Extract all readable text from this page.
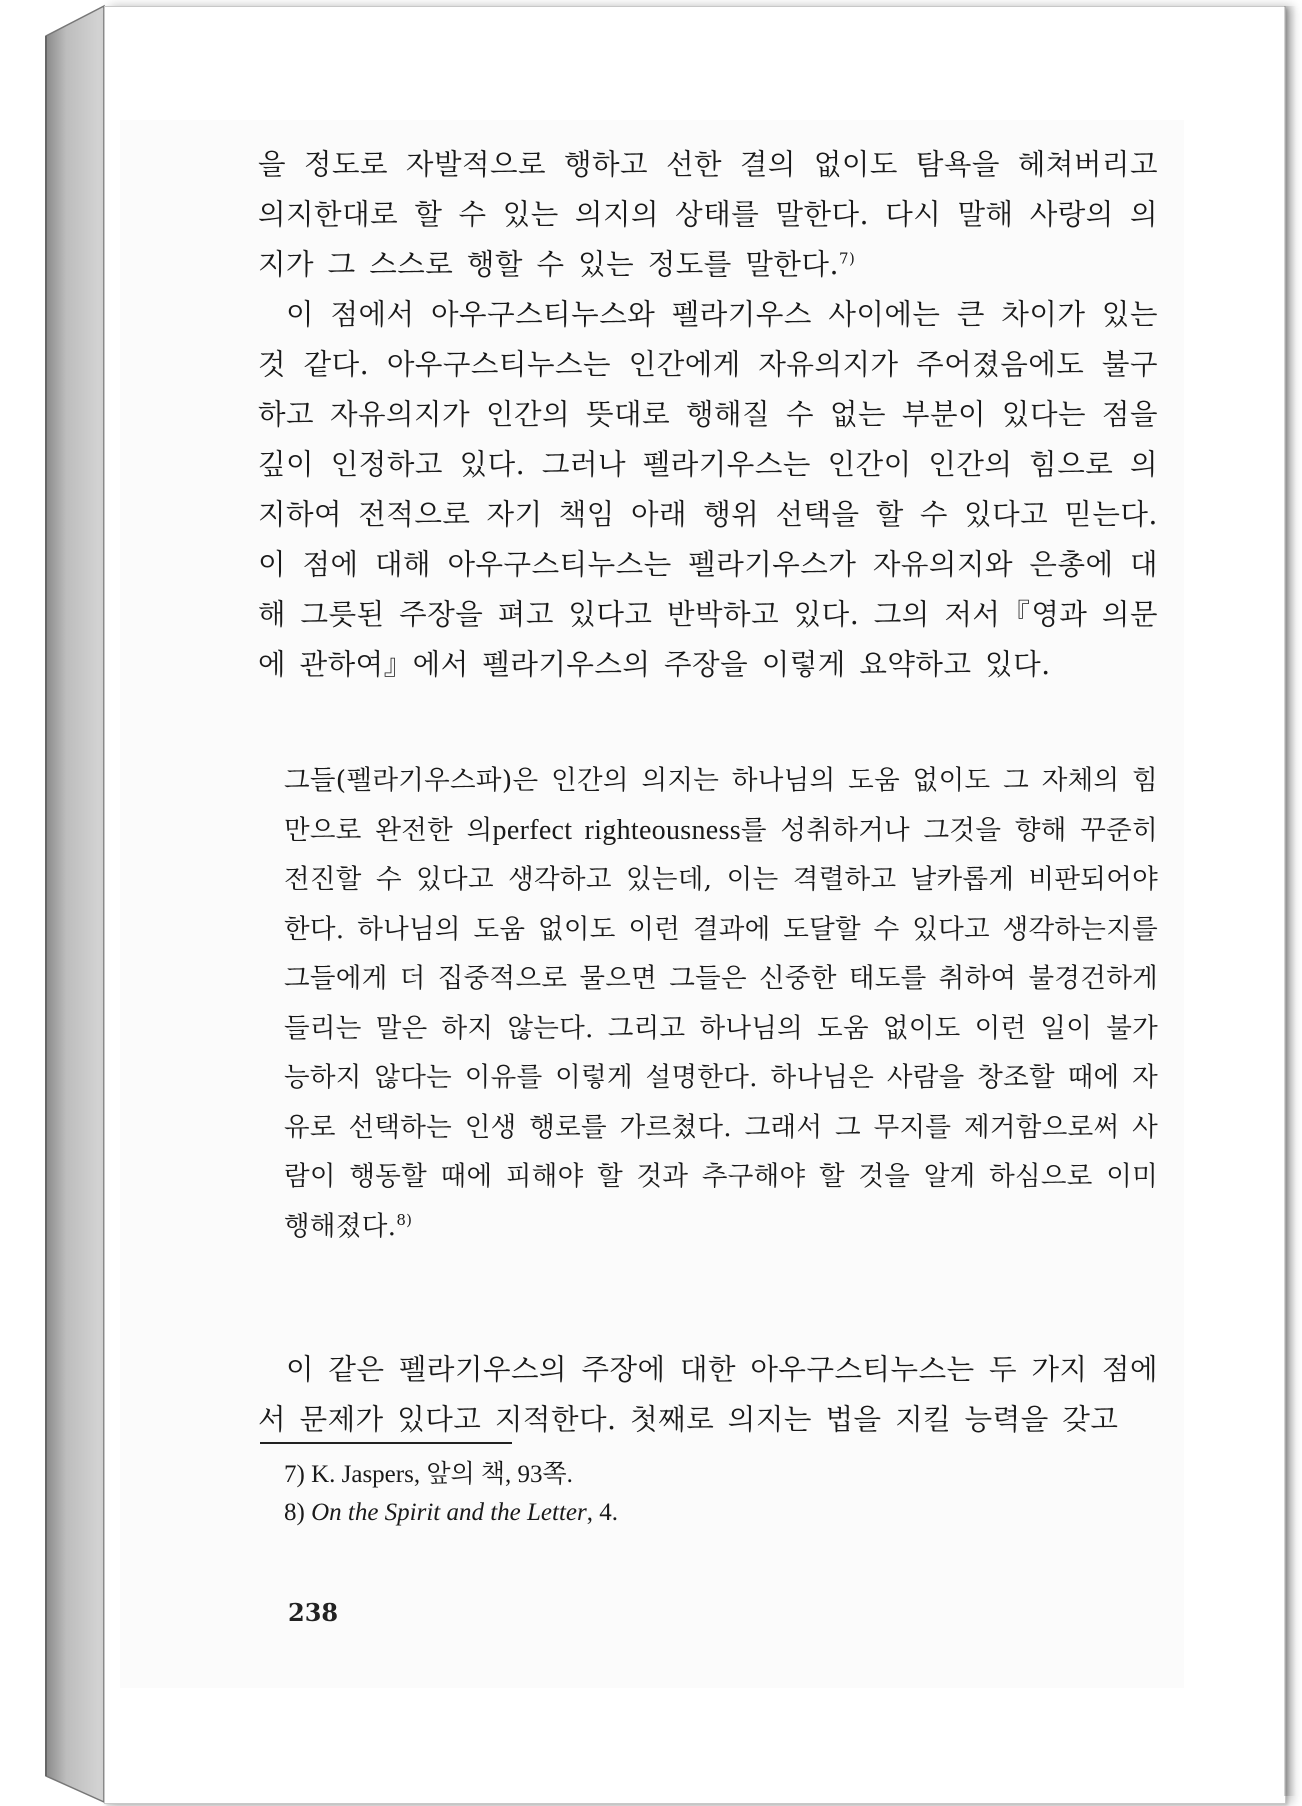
을 정도로 자발적으로 행하고 선한 결의 없이도 탐욕을 헤쳐버리고 의지한대로 할 수 있는 의지의 상태를 말한다. 다시 말해 사랑의 의지가 그 스스로 행할 수 있는 정도를 말한다.$^{7)}$

이 점에서 아우구스티누스와 펠라기우스 사이에는 큰 차이가 있는 것 같다. 아우구스티누스는 인간에게 자유의지가 주어졌음에도 불구하고 자유의지가 인간의 뜻대로 행해질 수 없는 부분이 있다는 점을 깊이 인정하고 있다. 그러나 펠라기우스는 인간이 인간의 힘으로 의지하여 전적으로 자기 책임 아래 행위 선택을 할 수 있다고 믿는다. 이 점에 대해 아우구스티누스는 펠라기우스가 자유의지와 은총에 대해 그릇된 주장을 펴고 있다고 반박하고 있다. 그의 저서『영과 의문에 관하여』에서 펠라기우스의 주장을 이렇게 요약하고 있다.

그들(펠라기우스파)은 인간의 의지는 하나님의 도움 없이도 그 자체의 힘만으로 완전한 의perfect righteousness를 성취하거나 그것을 향해 꾸준히 전진할 수 있다고 생각하고 있는데, 이는 격렬하고 날카롭게 비판되어야 한다. 하나님의 도움 없이도 이런 결과에 도달할 수 있다고 생각하는지를 그들에게 더 집중적으로 물으면 그들은 신중한 태도를 취하여 불경건하게 들리는 말은 하지 않는다. 그리고 하나님의 도움 없이도 이런 일이 불가능하지 않다는 이유를 이렇게 설명한다. 하나님은 사람을 창조할 때에 자유로 선택하는 인생 행로를 가르쳤다. 그래서 그 무지를 제거함으로써 사람이 행동할 때에 피해야 할 것과 추구해야 할 것을 알게 하심으로 이미 행해졌다.$^{8)}$

이 같은 펠라기우스의 주장에 대한 아우구스티누스는 두 가지 점에서 문제가 있다고 지적한다. 첫째로 의지는 법을 지킬 능력을 갖고

7) K. Jaspers, 앞의 책, 93쪽.
8) On the Spirit and the Letter, 4.
238
